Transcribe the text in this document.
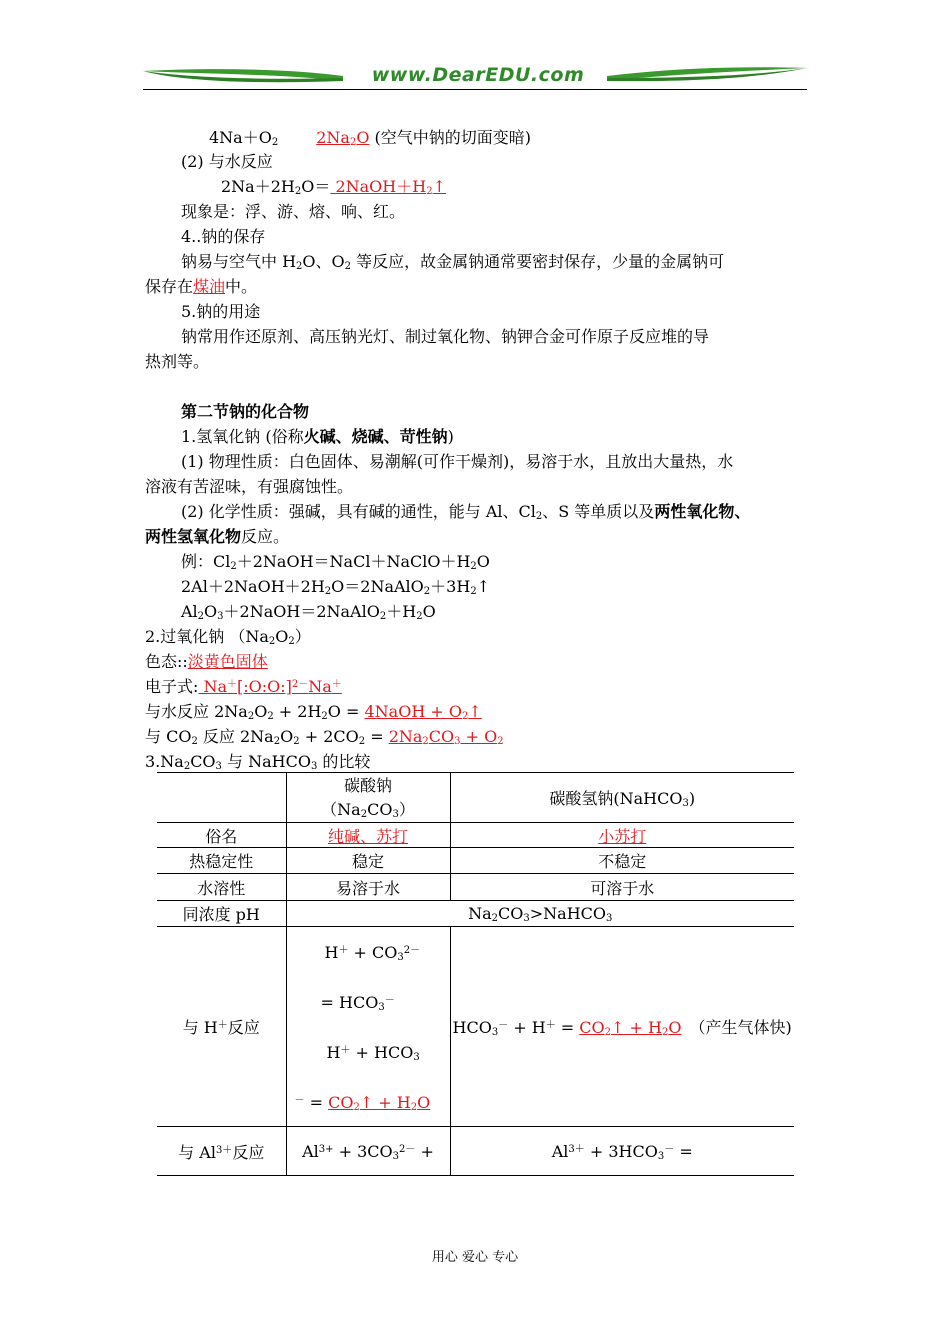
www.DearEDU.com
$4Na+O_2$ $2Na_2O$ (空气中钠的切面变暗)
(2) 与水反应
$2Na+2H_2O=$ $2NaOH+H_2↑$
现象是：浮、游、熔、响、红。
4..钠的保存
钠易与空气中 $H_2O$、$O_2$ 等反应，故金属钠通常要密封保存，少量的金属钠可
保存在煤油中。
5.钠的用途
钠常用作还原剂、高压钠光灯、制过氧化物、钠钾合金可作原子反应堆的导
热剂等。
第二节钠的化合物
1.氢氧化钠 (俗称火碱、烧碱、苛性钠)
(1) 物理性质：白色固体、易潮解(可作干燥剂)，易溶于水，且放出大量热，水
溶液有苦涩味，有强腐蚀性。
(2) 化学性质：强碱，具有碱的通性，能与 Al、$Cl_2$、S 等单质以及两性氧化物、
两性氢氧化物反应。
例：$Cl_2+2NaOH=NaCl+NaClO+H_2O$
$2Al+2NaOH+2H_2O=2NaAlO_2+3H_2↑$
$Al_2O_3+2NaOH=2NaAlO_2+H_2O$
2.过氧化钠 $(Na_2O_2)$
色态::淡黄色固体
电子式: Na＋[:O:O:]$^{2-}$Na＋
与水反应 $2Na_2O_2 + 2H_2O$ = 4NaOH + $O_2↑$
与 $CO_2$ 反应 $2Na_2O_2 + 2CO_2 = 2Na_2CO_3 + O_2$
$3.Na_2CO_3$ 与 NaHCO$_3$ 的比较
	碳酸钠
$(Na_2CO_3)$	碳酸氢钠(NaHCO$_3$)
俗名	纯碱、苏打	小苏打
热稳定性	稳定	不稳定
水溶性	易溶于水	可溶于水
同浓度 pH	$Na_2CO_3>NaHCO_3$
与 H＋反应	$H^+ + CO_3^{2-}$
= $HCO_3^-$
$H^+ + HCO_3$
$^- = CO_2↑ + H_2O$	$HCO_3^- + H^+$ = $CO_2↑ + H_2O$ （产生气体快)
与 $Al^{3+}$反应	$Al^{3+} + 3CO_3^{2-}$ +	$Al^{3+} + 3HCO_3^-$ =
用心 爱心 专心
